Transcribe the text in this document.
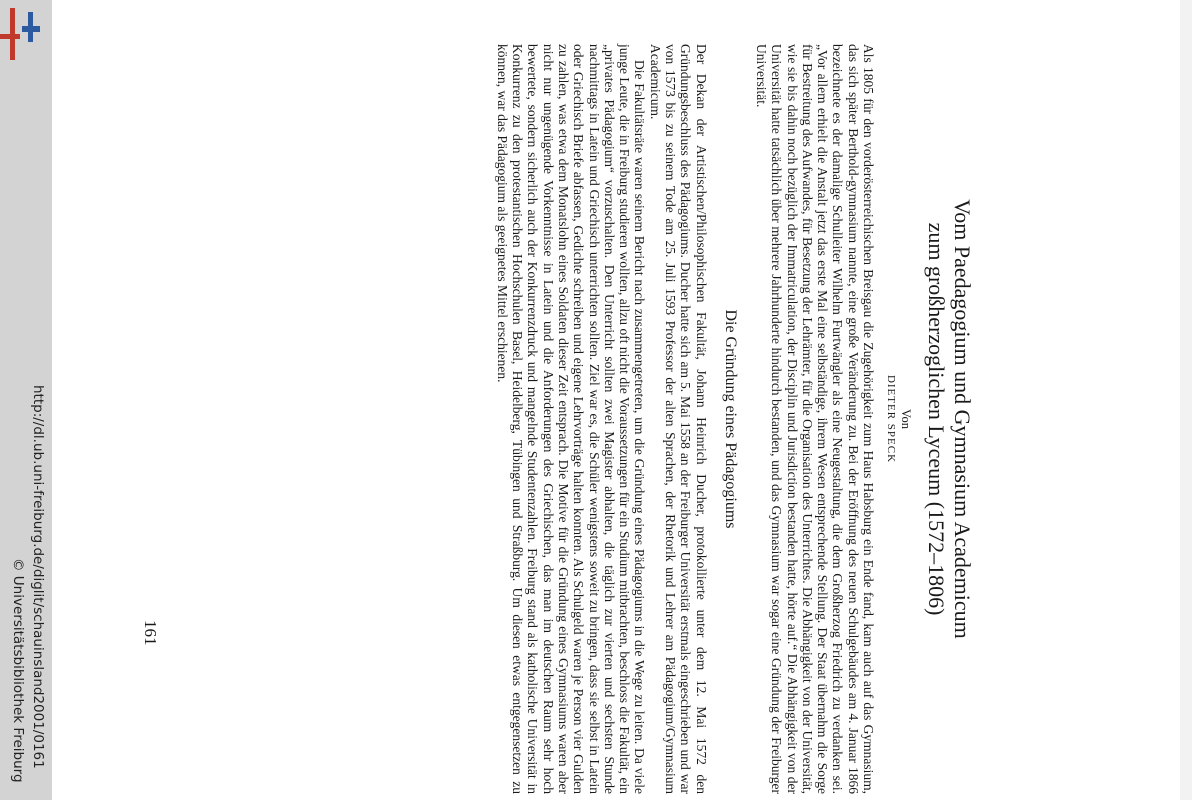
http://dl.ub.uni-freiburg.de/diglit/schauinsland2001/0161
© Universitätsbibliothek Freiburg
Vom Paedagogium und Gymnasium Academicum
zum großherzoglichen Lyceum (1572–1806)
Von
DIETER SPECK

Als 1805 für den vorderösterreichischen Breisgau die Zugehörigkeit zum Haus Habsburg ein Ende fand, kam auch auf das Gymnasium, das sich später Berthold-gymnasium nannte, eine große Veränderung zu. Bei der Eröffnung des neuen Schulgebäudes am 4. Januar 1866 bezeichnete es der damalige Schulleiter Wilhelm Furtwängler als eine Neugestaltung, die dem Großherzog Friedrich zu verdanken sei. „Vor allem erhielt die Anstalt jetzt das erste Mal eine selbständige, ihrem Wesen entsprechende Stellung. Der Staat übernahm die Sorge für Bestreitung des Aufwandes, für Besetzung der Lehrämter, für die Organisation des Unterrichtes. Die Abhängigkeit von der Universität, wie sie bis dahin noch bezüglich der Immatriculation, der Disciplin und Jurisdiction bestanden hatte, hörte auf.“ Die Abhängigkeit von der Universität hatte tatsächlich über mehrere Jahrhunderte hindurch bestanden, und das Gymnasium war sogar eine Gründung der Freiburger Universität.

Die Gründung eines Pädagogiums

Der Dekan der Artistischen/Philosophischen Fakultät, Johann Heinrich Ducher, protokollierte unter dem 12. Mai 1572 den Gründungsbeschluss des Pädagogiums. Ducher hatte sich am 5. Mai 1558 an der Freiburger Universität erstmals eingeschrieben und war von 1573 bis zu seinem Tode am 25. Juli 1593 Professor der alten Sprachen, der Rhetorik und Lehrer am Pädagogium/Gymnasium Academicum.

Die Fakultätsräte waren seinem Bericht nach zusammengetreten, um die Gründung eines Pädagogiums in die Wege zu leiten. Da viele junge Leute, die in Freiburg studieren wollten, allzu oft nicht die Voraussetzungen für ein Studium mitbrachten, beschloss die Fakultät, ein „privates Pädagogium“ vorzuschalten. Den Unterricht sollten zwei Magister abhalten, die täglich zur vierten und sechsten Stunde nachmittags in Latein und Griechisch unterrichten sollten. Ziel war es, die Schüler wenigstens soweit zu bringen, dass sie selbst in Latein oder Griechisch Briefe abfassen, Gedichte schreiben und eigene Lehrvorträge halten konnten. Als Schulgeld waren je Person vier Gulden zu zahlen, was etwa dem Monatslohn eines Soldaten dieser Zeit entsprach. Die Motive für die Gründung eines Gymnasiums waren aber nicht nur ungenügende Vorkenntnisse in Latein und die Anforderungen des Griechischen, das man im deutschen Raum sehr hoch bewertete, sondern sicherlich auch der Konkurrenzdruck und mangelnde Studentenzahlen. Freiburg stand als katholische Universität in Konkurrenz zu den protestantischen Hochschulen Basel, Heidelberg, Tübingen und Straßburg. Um diesen etwas entgegensetzen zu können, war das Pädagogium als geeignetes Mittel erschienen.

161
